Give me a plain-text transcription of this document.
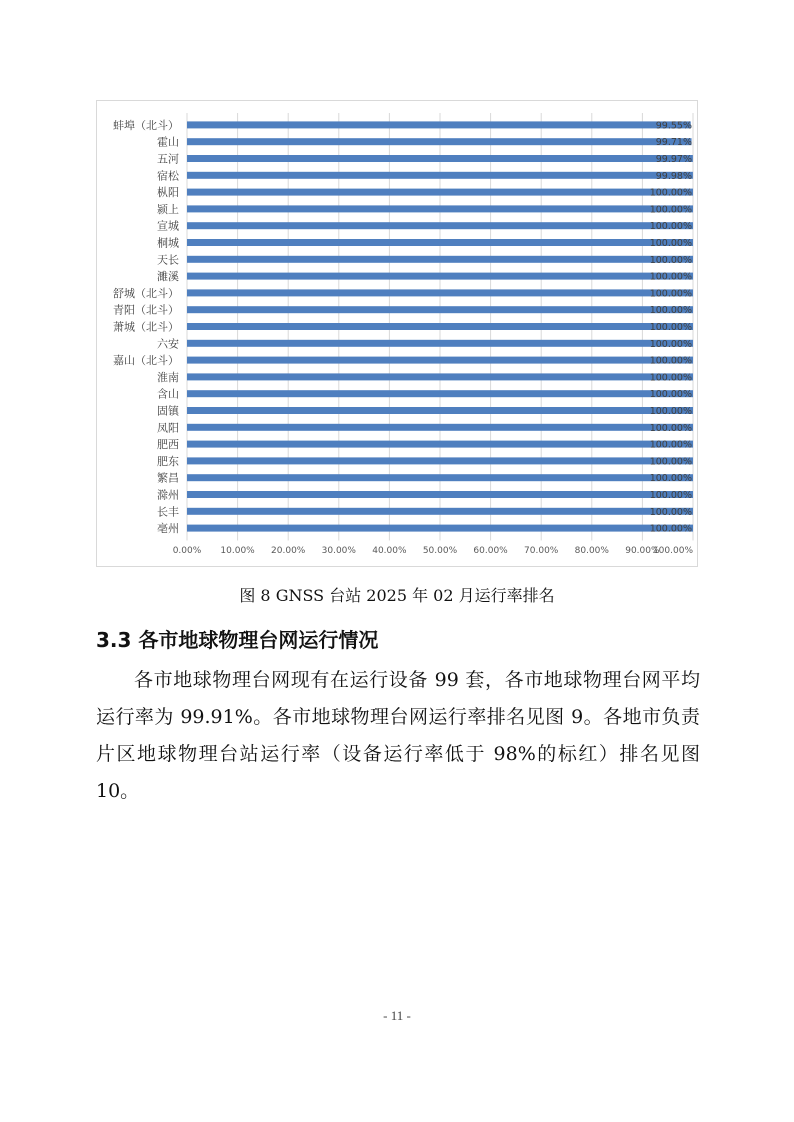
蚌埠（北斗）	99.55%
霍山	99.71%
五河	99.97%
宿松	99.98%
枞阳	100.00%
颍上	100.00%
宣城	100.00%
桐城	100.00%
天长	100.00%
濉溪	100.00%
舒城（北斗）	100.00%
青阳（北斗）	100.00%
萧城（北斗）	100.00%
六安	100.00%
嘉山（北斗）	100.00%
淮南	100.00%
含山	100.00%
固镇	100.00%
凤阳	100.00%
肥西	100.00%
肥东	100.00%
繁昌	100.00%
滁州	100.00%
长丰	100.00%
亳州	100.00%
0.00% 10.00% 20.00% 30.00% 40.00% 50.00% 60.00% 70.00% 80.00% 90.00%
100.00%
图 8 GNSS 台站 2025 年 02 月运行率排名
3.3 各市地球物理台网运行情况
各市地球物理台网现有在运行设备 99 套，各市地球物理台网平均运行率为 99.91%。各市地球物理台网运行率排名见图 9。各地市负责片区地球物理台站运行率（设备运行率低于 98%的标红）排名见图 10。
- 11 -
